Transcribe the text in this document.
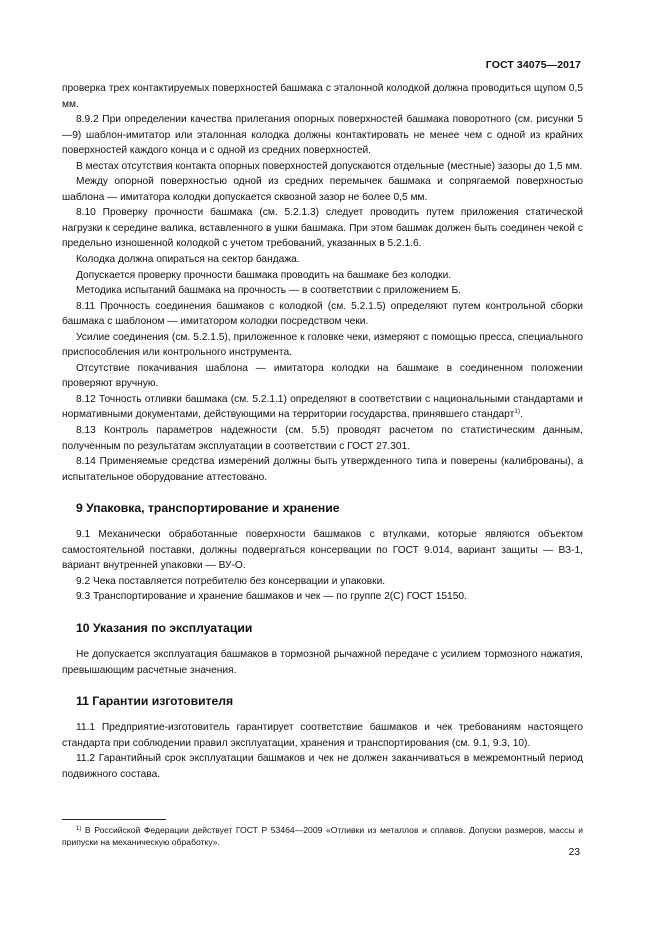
ГОСТ 34075—2017

проверка трех контактируемых поверхностей башмака с эталонной колодкой должна проводиться щупом 0,5 мм.

8.9.2 При определении качества прилегания опорных поверхностей башмака поворотного (см. рисунки 5—9) шаблон-имитатор или эталонная колодка должны контактировать не менее чем с одной из крайних поверхностей каждого конца и с одной из средних поверхностей.

В местах отсутствия контакта опорных поверхностей допускаются отдельные (местные) зазоры до 1,5 мм.

Между опорной поверхностью одной из средних перемычек башмака и сопрягаемой поверхностью шаблона — имитатора колодки допускается сквозной зазор не более 0,5 мм.

8.10 Проверку прочности башмака (см. 5.2.1.3) следует проводить путем приложения статической нагрузки к середине валика, вставленного в ушки башмака. При этом башмак должен быть соединен чекой с предельно изношенной колодкой с учетом требований, указанных в 5.2.1.6.

Колодка должна опираться на сектор бандажа.

Допускается проверку прочности башмака проводить на башмаке без колодки.

Методика испытаний башмака на прочность — в соответствии с приложением Б.

8.11 Прочность соединения башмаков с колодкой (см. 5.2.1.5) определяют путем контрольной сборки башмака с шаблоном — имитатором колодки посредством чеки.

Усилие соединения (см. 5.2.1.5), приложенное к головке чеки, измеряют с помощью пресса, специального приспособления или контрольного инструмента.

Отсутствие покачивания шаблона — имитатора колодки на башмаке в соединенном положении проверяют вручную.

8.12 Точность отливки башмака (см. 5.2.1.1) определяют в соответствии с национальными стандартами и нормативными документами, действующими на территории государства, принявшего стандарт$^{1)}$.

8.13 Контроль параметров надежности (см. 5.5) проводят расчетом по статистическим данным, полученным по результатам эксплуатации в соответствии с ГОСТ 27.301.

8.14 Применяемые средства измерений должны быть утвержденного типа и поверены (калиброваны), а испытательное оборудование аттестовано.

9 Упаковка, транспортирование и хранение

9.1 Механически обработанные поверхности башмаков с втулками, которые являются объектом самостоятельной поставки, должны подвергаться консервации по ГОСТ 9.014, вариант защиты — ВЗ-1, вариант внутренней упаковки — ВУ-О.

9.2 Чека поставляется потребителю без консервации и упаковки.

9.3 Транспортирование и хранение башмаков и чек — по группе 2(С) ГОСТ 15150.

10 Указания по эксплуатации

Не допускается эксплуатация башмаков в тормозной рычажной передаче с усилием тормозного нажатия, превышающим расчетные значения.

11 Гарантии изготовителя

11.1 Предприятие-изготовитель гарантирует соответствие башмаков и чек требованиям настоящего стандарта при соблюдении правил эксплуатации, хранения и транспортирования (см. 9.1, 9.3, 10).

11.2 Гарантийный срок эксплуатации башмаков и чек не должен заканчиваться в межремонтный период подвижного состава.

$^{1)}$ В Российской Федерации действует ГОСТ Р 53464—2009 «Отливки из металлов и сплавов. Допуски размеров, массы и припуски на механическую обработку».

23
